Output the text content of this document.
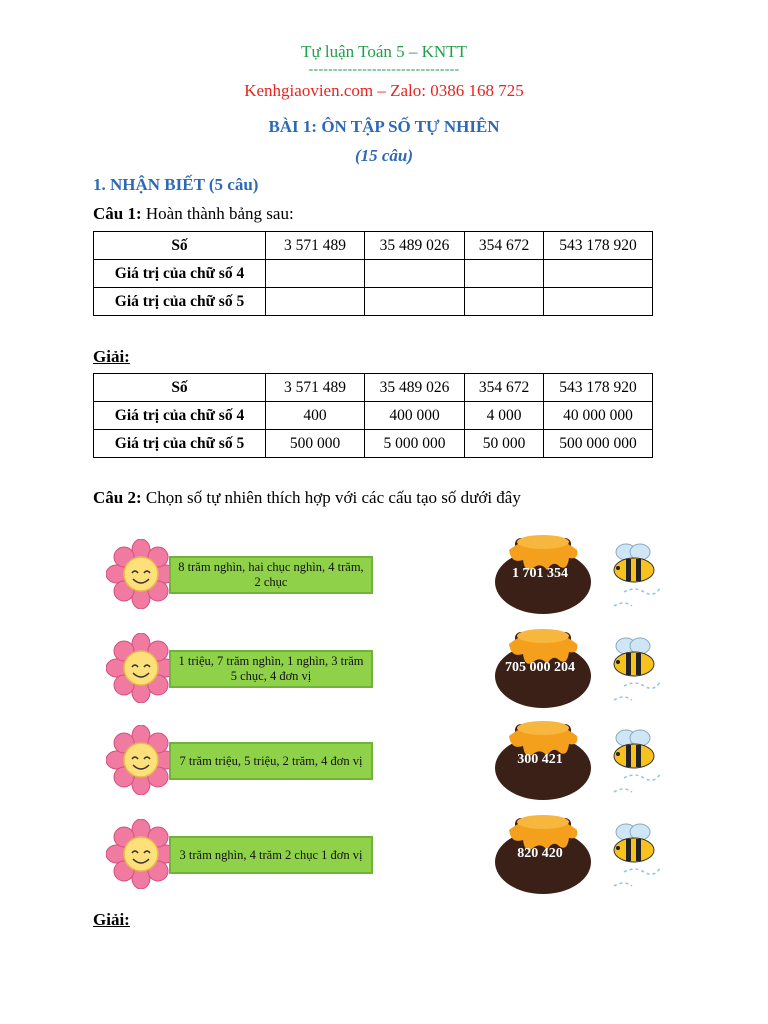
Tự luận Toán 5 – KNTT
-------------------------------
Kenhgiaovien.com – Zalo: 0386 168 725
BÀI 1: ÔN TẬP SỐ TỰ NHIÊN
(15 câu)
1. NHẬN BIẾT (5 câu)
Câu 1: Hoàn thành bảng sau:
Số	3 571 489	35 489 026	354 672	543 178 920
Giá trị của chữ số 4				
Giá trị của chữ số 5				
Giải:
Số	3 571 489	35 489 026	354 672	543 178 920
Giá trị của chữ số 4	400	400 000	4 000	40 000 000
Giá trị của chữ số 5	500 000	5 000 000	50 000	500 000 000
Câu 2: Chọn số tự nhiên thích hợp với các cấu tạo số dưới đây
8 trăm nghìn, hai chục nghìn, 4 trăm, 2 chục
1 701 354
1 triệu, 7 trăm nghìn, 1 nghìn, 3 trăm 5 chục, 4 đơn vị
705 000 204
7 trăm triệu, 5 triệu, 2 trăm, 4 đơn vị	300 421
3 trăm nghìn, 4 trăm 2 chục 1 đơn vị	820 420
Giải:
